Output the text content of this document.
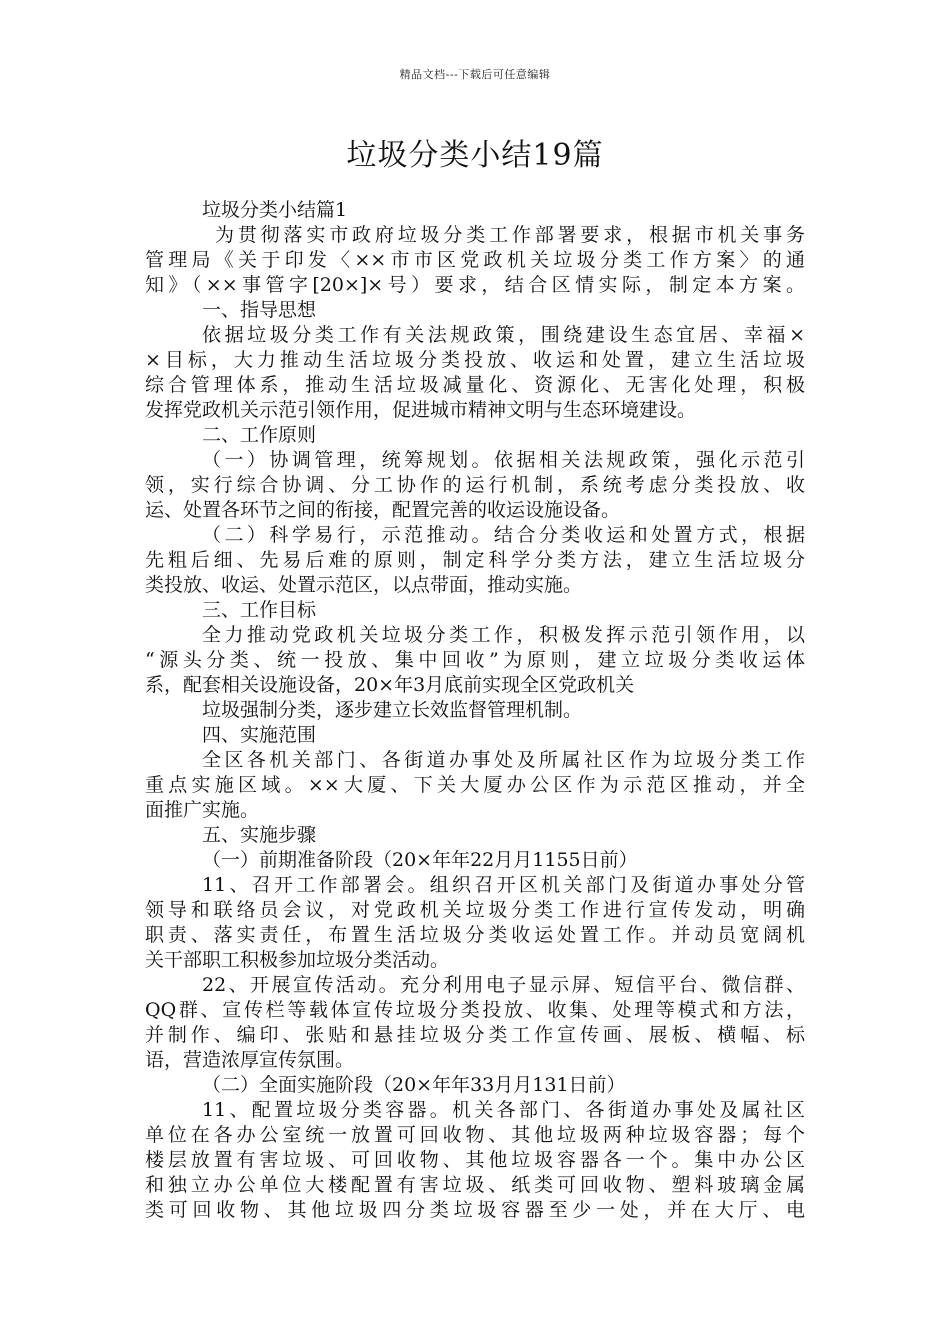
精品文档---下载后可任意编辑
垃圾分类小结19篇
垃圾分类小结篇1
为贯彻落实市政府垃圾分类工作部署要求，根据市机关事务
管理局《关于印发〈××市市区党政机关垃圾分类工作方案〉的通
知》（××事管字[20×]×号）要求，结合区情实际，制定本方案。
一、指导思想
依据垃圾分类工作有关法规政策，围绕建设生态宜居、幸福×
×目标，大力推动生活垃圾分类投放、收运和处置，建立生活垃圾
综合管理体系，推动生活垃圾减量化、资源化、无害化处理，积极
发挥党政机关示范引领作用，促进城市精神文明与生态环境建设。
二、工作原则
（一）协调管理，统筹规划。依据相关法规政策，强化示范引
领，实行综合协调、分工协作的运行机制，系统考虑分类投放、收
运、处置各环节之间的衔接，配置完善的收运设施设备。
（二）科学易行，示范推动。结合分类收运和处置方式，根据
先粗后细、先易后难的原则，制定科学分类方法，建立生活垃圾分
类投放、收运、处置示范区，以点带面，推动实施。
三、工作目标
全力推动党政机关垃圾分类工作，积极发挥示范引领作用，以
“源头分类、统一投放、集中回收”为原则，建立垃圾分类收运体
系，配套相关设施设备，20×年3月底前实现全区党政机关
垃圾强制分类，逐步建立长效监督管理机制。
四、实施范围
全区各机关部门、各街道办事处及所属社区作为垃圾分类工作
重点实施区域。××大厦、下关大厦办公区作为示范区推动，并全
面推广实施。
五、实施步骤
（一）前期准备阶段（20×年年22月月1155日前）
11、召开工作部署会。组织召开区机关部门及街道办事处分管
领导和联络员会议，对党政机关垃圾分类工作进行宣传发动，明确
职责、落实责任，布置生活垃圾分类收运处置工作。并动员宽阔机
关干部职工积极参加垃圾分类活动。
22、开展宣传活动。充分利用电子显示屏、短信平台、微信群、
QQ群、宣传栏等载体宣传垃圾分类投放、收集、处理等模式和方法，
并制作、编印、张贴和悬挂垃圾分类工作宣传画、展板、横幅、标
语，营造浓厚宣传氛围。
（二）全面实施阶段（20×年年33月月131日前）
11、配置垃圾分类容器。机关各部门、各街道办事处及属社区
单位在各办公室统一放置可回收物、其他垃圾两种垃圾容器；每个
楼层放置有害垃圾、可回收物、其他垃圾容器各一个。集中办公区
和独立办公单位大楼配置有害垃圾、纸类可回收物、塑料玻璃金属
类可回收物、其他垃圾四分类垃圾容器至少一处，并在大厅、电
